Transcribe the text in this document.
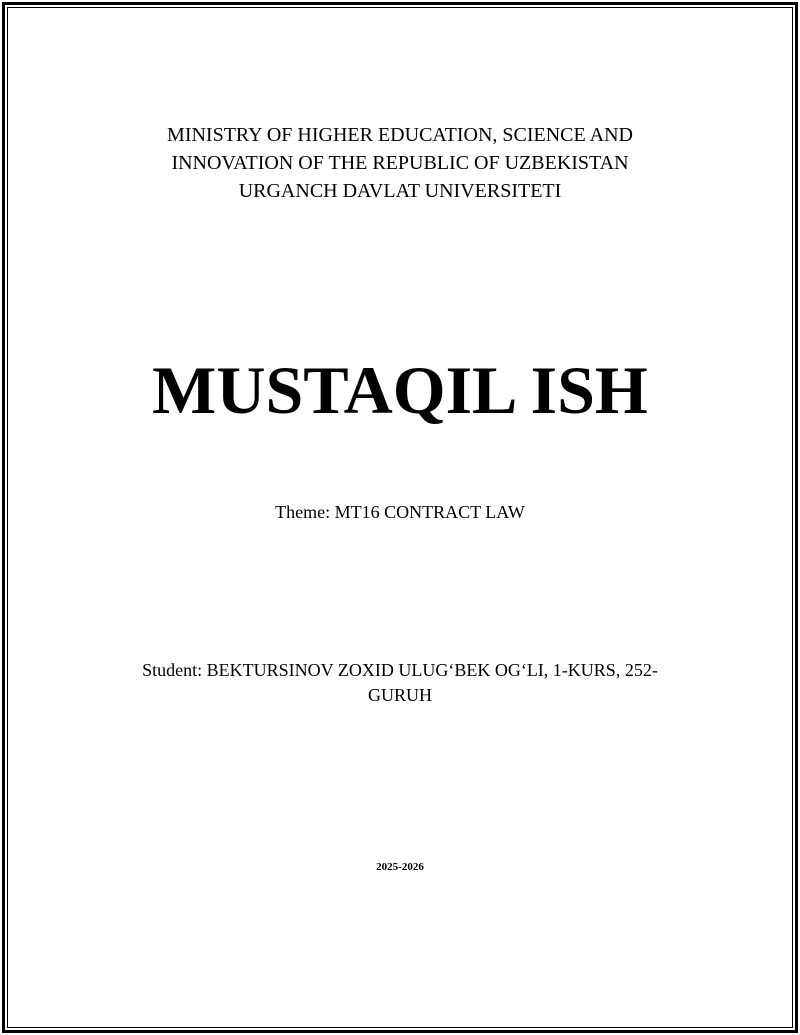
MINISTRY OF HIGHER EDUCATION, SCIENCE AND
INNOVATION OF THE REPUBLIC OF UZBEKISTAN
URGANCH DAVLAT UNIVERSITETI
MUSTAQIL ISH
Theme: MT16 CONTRACT LAW
Student: BEKTURSINOV ZOXID ULUG‘BEK OG‘LI, 1-KURS, 252-GURUH
2025-2026
